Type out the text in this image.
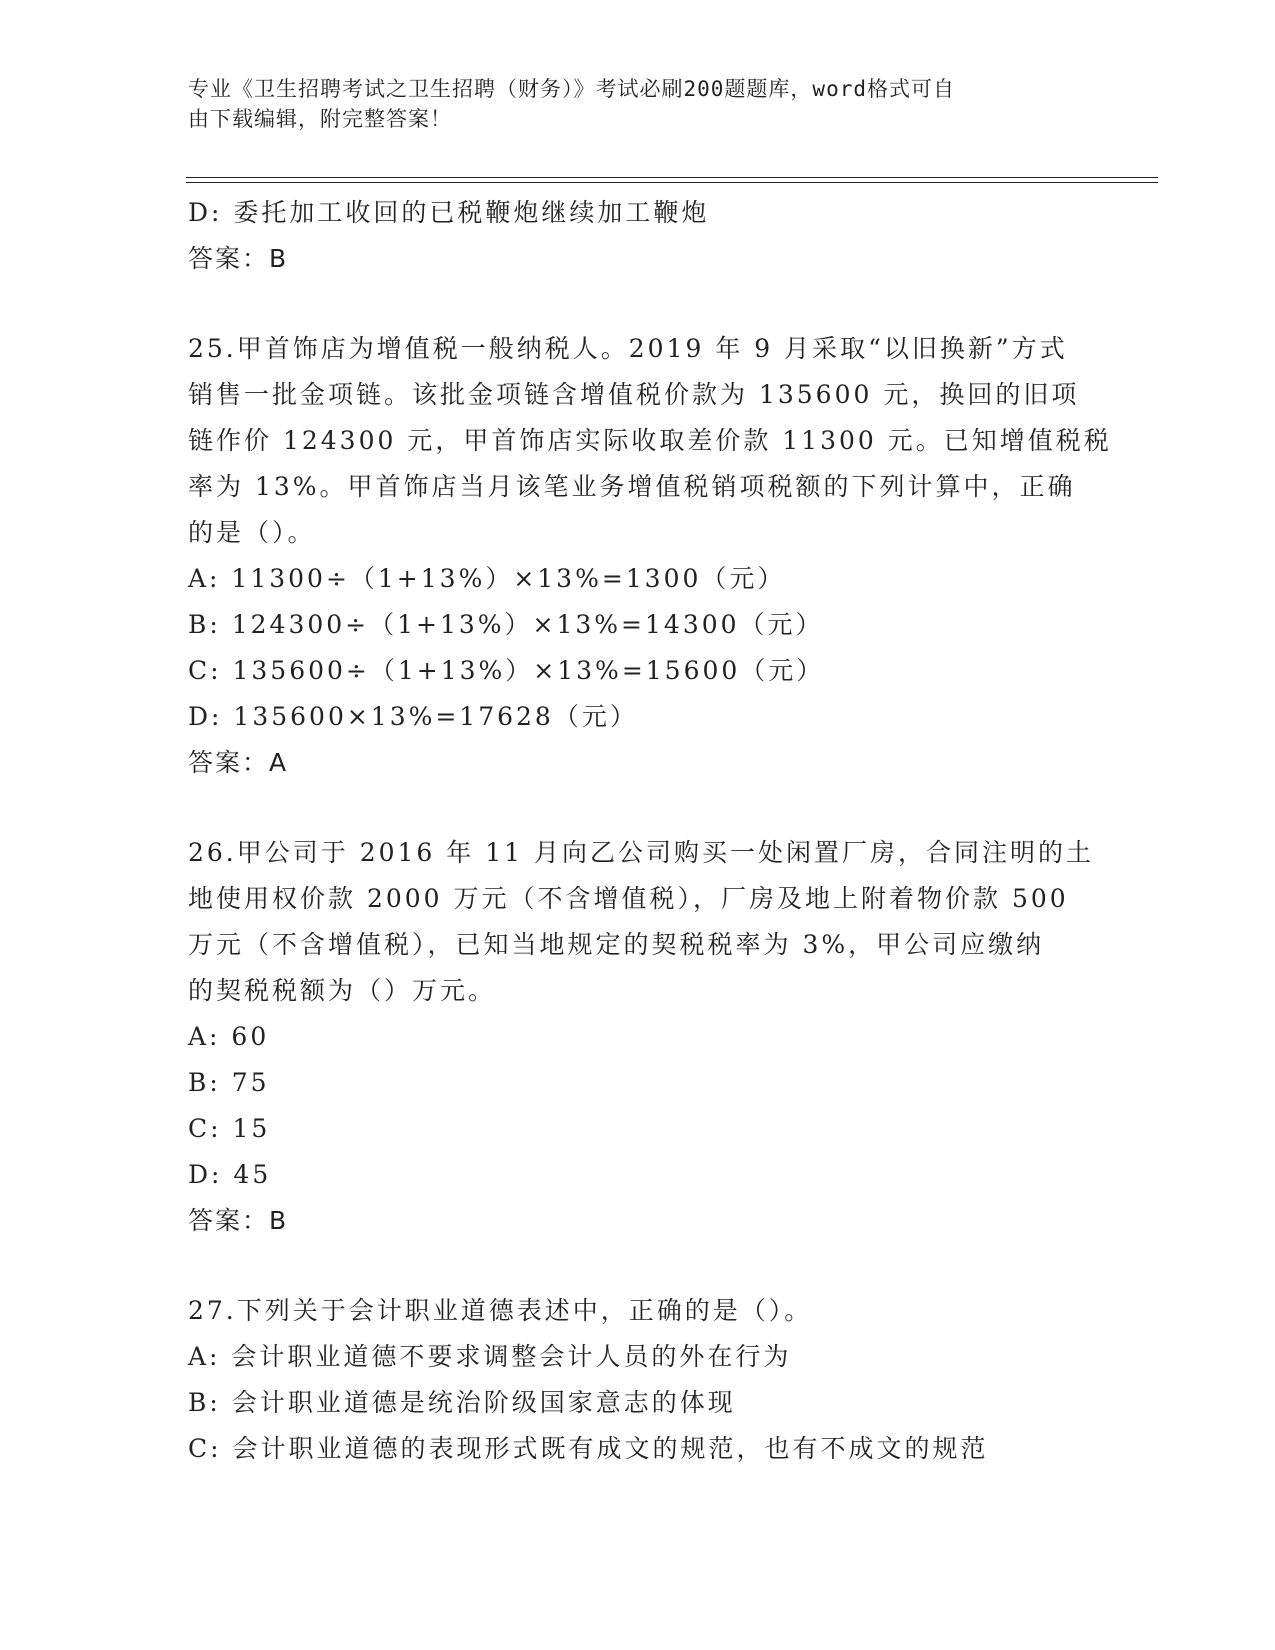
专业《卫生招聘考试之卫生招聘（财务）》考试必刷200题题库，word格式可自
由下载编辑，附完整答案！
D: 委托加工收回的已税鞭炮继续加工鞭炮
答案：B
25.甲首饰店为增值税一般纳税人。2019 年 9 月采取“以旧换新”方式
销售一批金项链。该批金项链含增值税价款为 135600 元，换回的旧项
链作价 124300 元，甲首饰店实际收取差价款 11300 元。已知增值税税
率为 13%。甲首饰店当月该笔业务增值税销项税额的下列计算中，正确
的是（）。
A: 11300÷（1+13%）×13%=1300（元）
B: 124300÷（1+13%）×13%=14300（元）
C: 135600÷（1+13%）×13%=15600（元）
D: 135600×13%=17628（元）
答案：A
26.甲公司于 2016 年 11 月向乙公司购买一处闲置厂房，合同注明的土
地使用权价款 2000 万元（不含增值税），厂房及地上附着物价款 500
万元（不含增值税），已知当地规定的契税税率为 3%，甲公司应缴纳
的契税税额为（）万元。
A: 60
B: 75
C: 15
D: 45
答案：B
27.下列关于会计职业道德表述中，正确的是（）。
A: 会计职业道德不要求调整会计人员的外在行为
B: 会计职业道德是统治阶级国家意志的体现
C: 会计职业道德的表现形式既有成文的规范，也有不成文的规范
